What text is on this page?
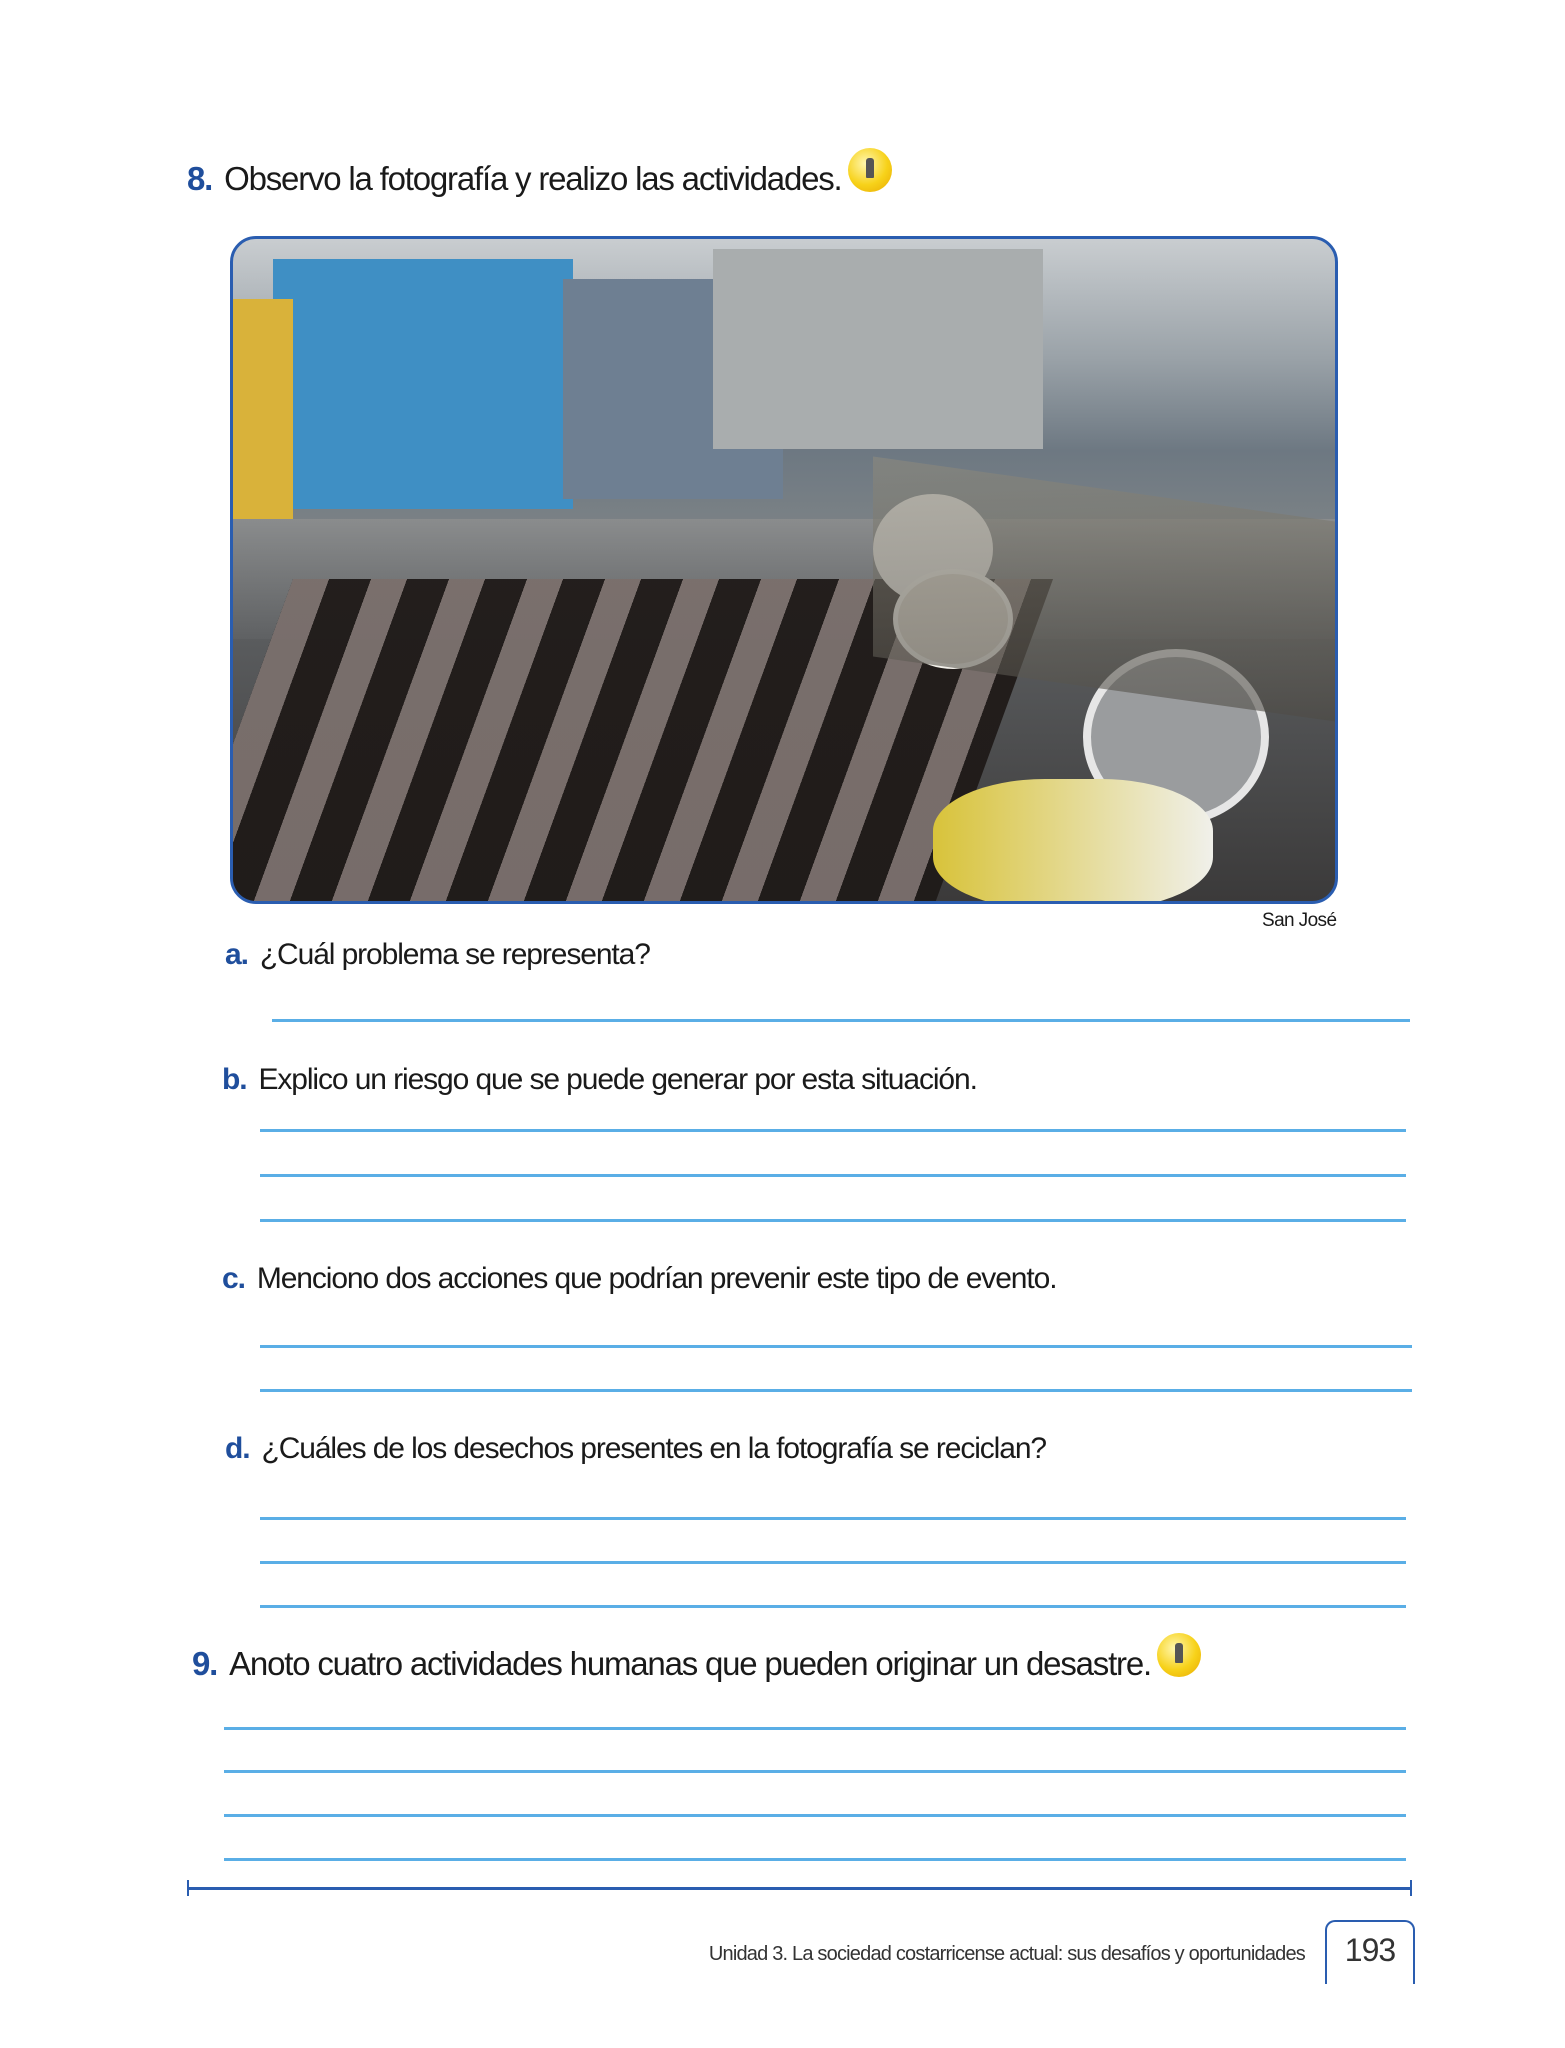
8. Observo la fotografía y realizo las actividades.
San José
a. ¿Cuál problema se representa?
b. Explico un riesgo que se puede generar por esta situación.
c. Menciono dos acciones que podrían prevenir este tipo de evento.
d. ¿Cuáles de los desechos presentes en la fotografía se reciclan?
9. Anoto cuatro actividades humanas que pueden originar un desastre.
Unidad 3. La sociedad costarricense actual: sus desafíos y oportunidades	193
